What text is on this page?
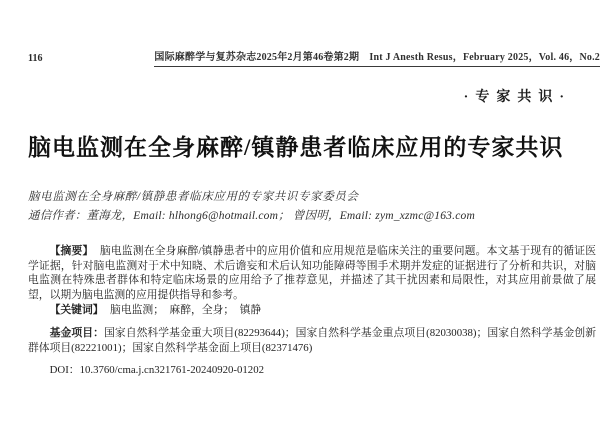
116	国际麻醉学与复苏杂志2025年2月第46卷第2期　Int J Anesth Resus，February 2025，Vol. 46，No.2
·专家共识·
脑电监测在全身麻醉/镇静患者临床应用的专家共识
脑电监测在全身麻醉/镇静患者临床应用的专家共识专家委员会
通信作者：董海龙，Email: hlhong6@hotmail.com； 曾因明，Email: zym_xzmc@163.com

【摘要】 脑电监测在全身麻醉/镇静患者中的应用价值和应用规范是临床关注的重要问题。本文基于现有的循证医学证据，针对脑电监测对于术中知晓、术后谵妄和术后认知功能障碍等围手术期并发症的证据进行了分析和共识，对脑电监测在特殊患者群体和特定临床场景的应用给予了推荐意见，并描述了其干扰因素和局限性，对其应用前景做了展望，以期为脑电监测的应用提供指导和参考。

【关键词】 脑电监测；　麻醉，全身；　镇静

基金项目：国家自然科学基金重大项目(82293644)；国家自然科学基金重点项目(82030038)；国家自然科学基金创新群体项目(82221001)；国家自然科学基金面上项目(82371476)

DOI：10.3760/cma.j.cn321761-20240920-01202
